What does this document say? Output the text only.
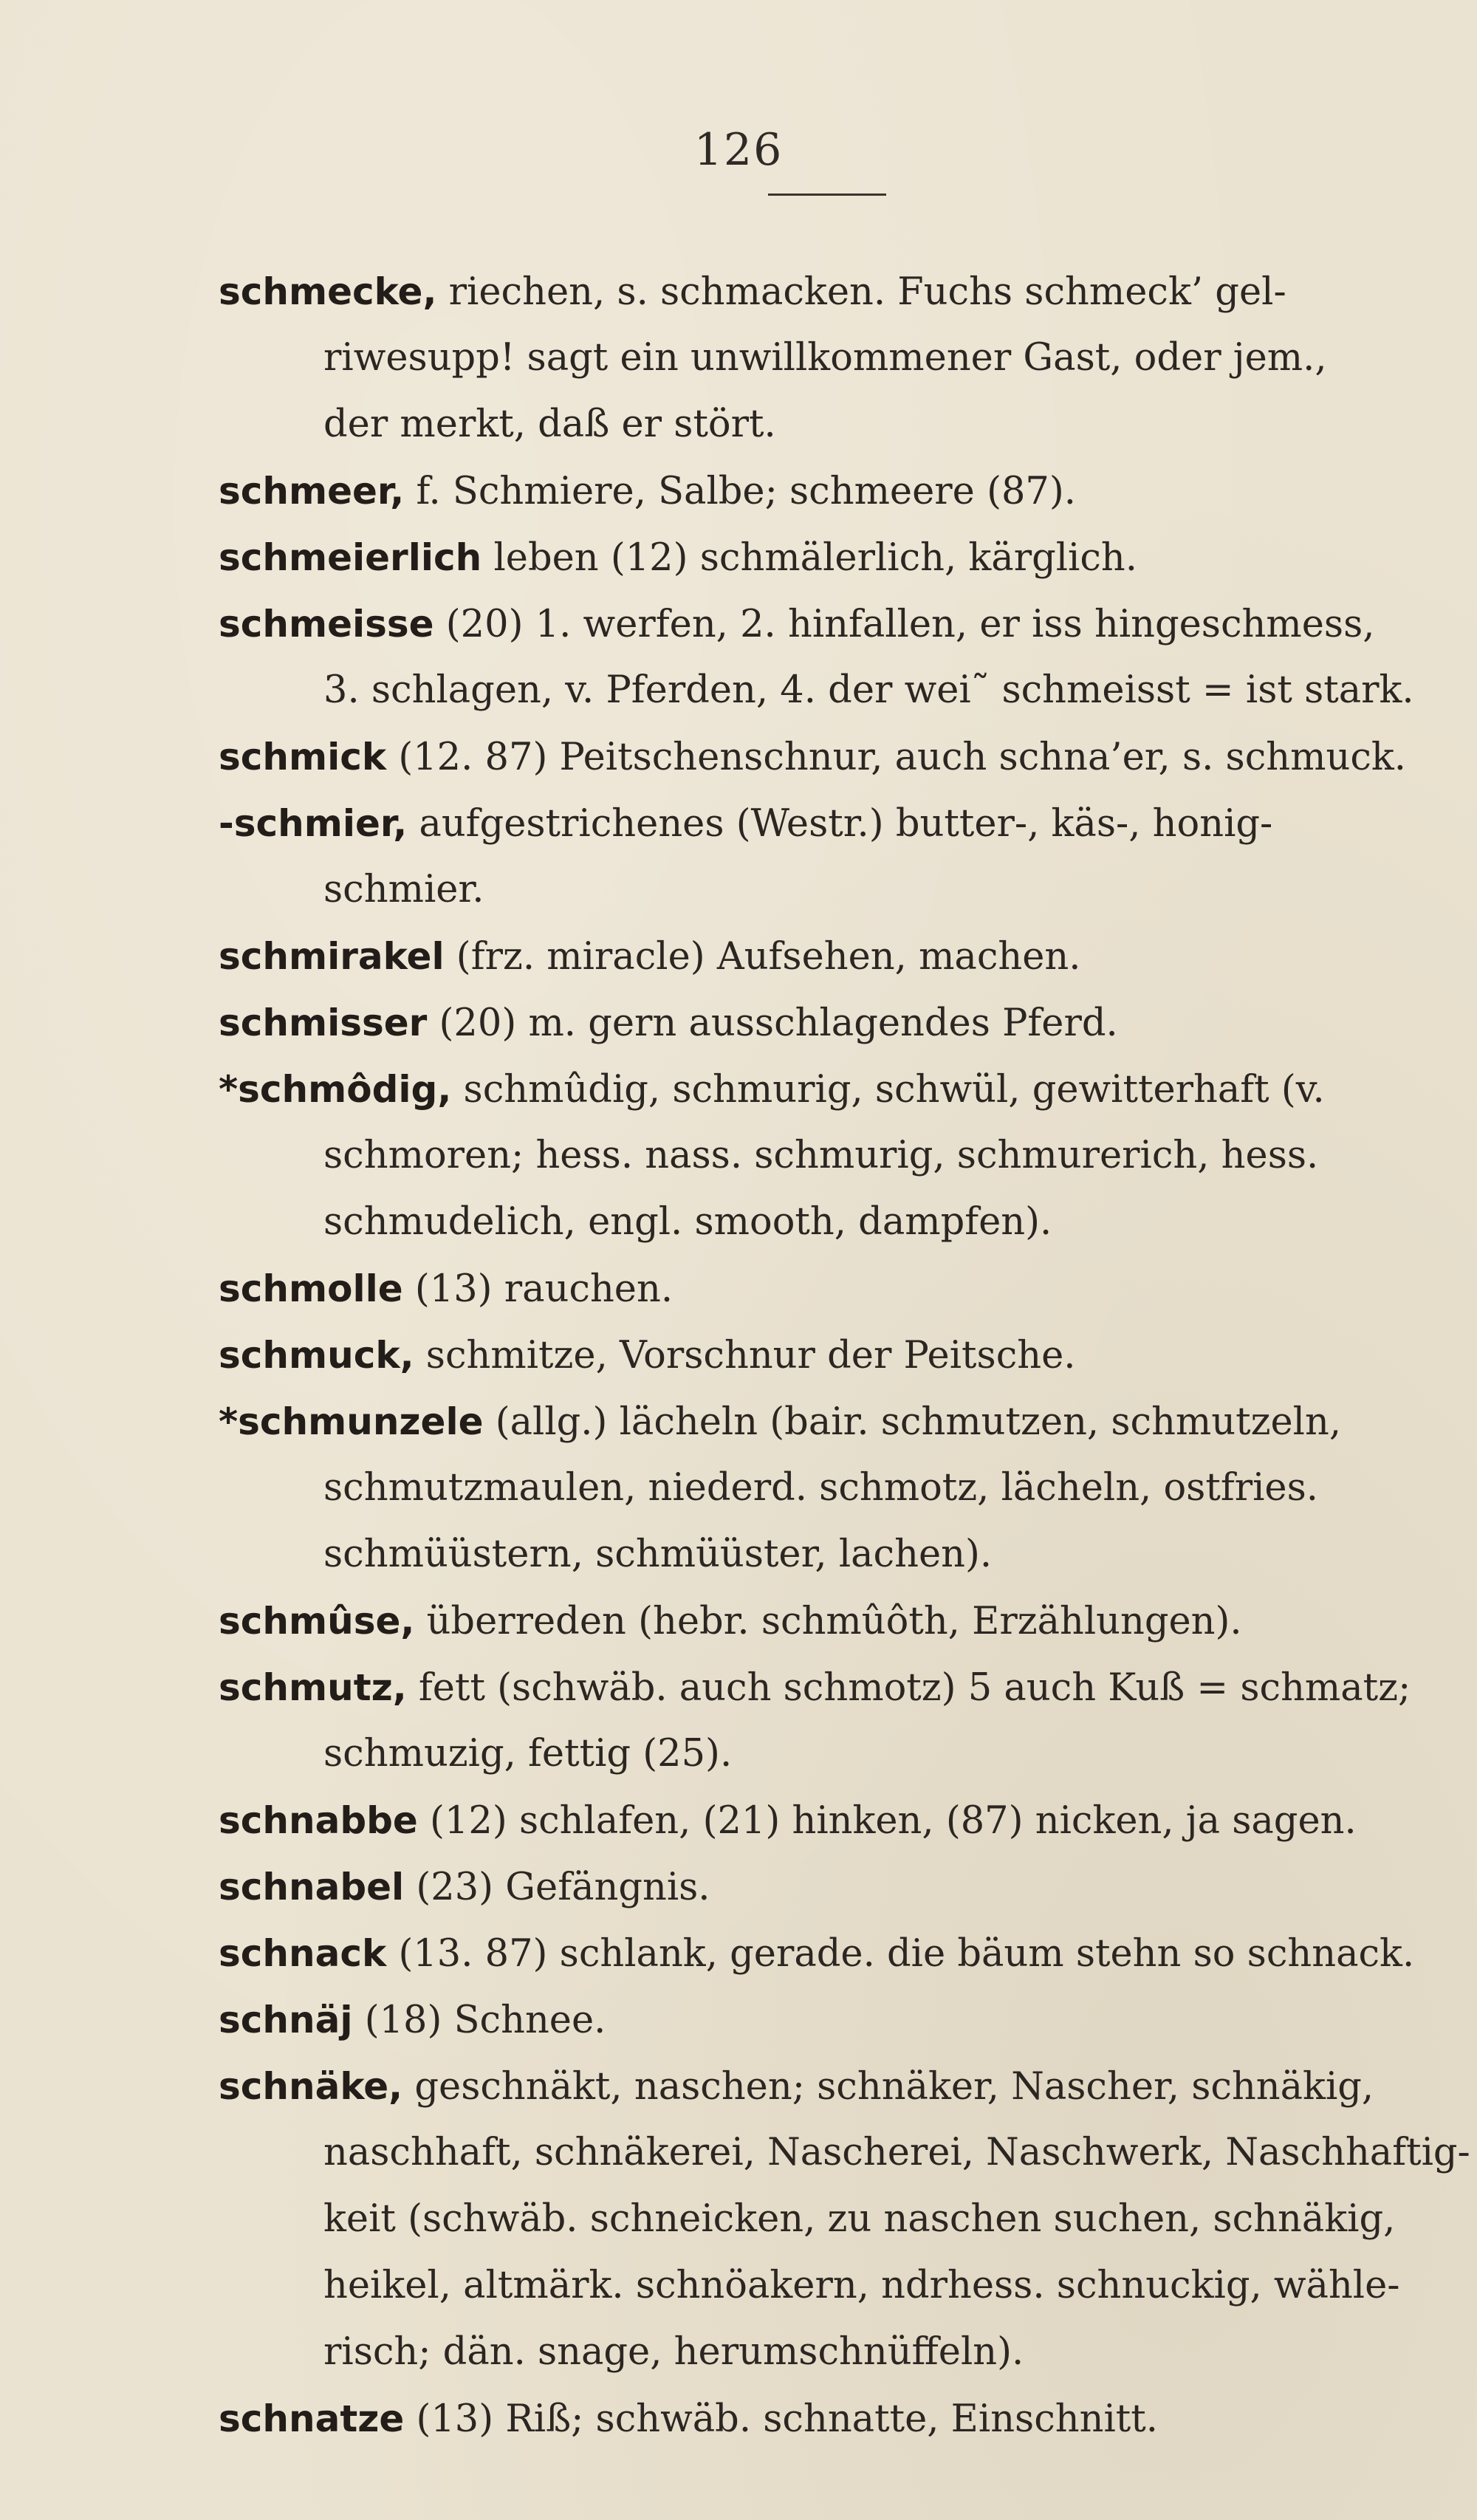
126
schmecke, riechen, s. schmacken. Fuchs schmeck’ gel-
riwesupp! sagt ein unwillkommener Gast, oder jem.,
der merkt, daß er stört.
schmeer, f. Schmiere, Salbe; schmeere (87).
schmeierlich leben (12) schmälerlich, kärglich.
schmeisse (20) 1. werfen, 2. hinfallen, er iss hingeschmess,
3. schlagen, v. Pferden, 4. der wei˜ schmeisst = ist stark.
schmick (12. 87) Peitschenschnur, auch schna’er, s. schmuck.
-schmier, aufgestrichenes (Westr.) butter-, käs-, honig-
schmier.
schmirakel (frz. miracle) Aufsehen, machen.
schmisser (20) m. gern ausschlagendes Pferd.
*schmôdig, schmûdig, schmurig, schwül, gewitterhaft (v.
schmoren; hess. nass. schmurig, schmurerich, hess.
schmudelich, engl. smooth, dampfen).
schmolle (13) rauchen.
schmuck, schmitze, Vorschnur der Peitsche.
*schmunzele (allg.) lächeln (bair. schmutzen, schmutzeln,
schmutzmaulen, niederd. schmotz, lächeln, ostfries.
schmüüstern, schmüüster, lachen).
schmûse, überreden (hebr. schmûôth, Erzählungen).
schmutz, fett (schwäb. auch schmotz) 5 auch Kuß = schmatz;
schmuzig, fettig (25).
schnabbe (12) schlafen, (21) hinken, (87) nicken, ja sagen.
schnabel (23) Gefängnis.
schnack (13. 87) schlank, gerade. die bäum stehn so schnack.
schnäj (18) Schnee.
schnäke, geschnäkt, naschen; schnäker, Nascher, schnäkig,
naschhaft, schnäkerei, Nascherei, Naschwerk, Naschhaftig-
keit (schwäb. schneicken, zu naschen suchen, schnäkig,
heikel, altmärk. schnöakern, ndrhess. schnuckig, wähle-
risch; dän. snage, herumschnüffeln).
schnatze (13) Riß; schwäb. schnatte, Einschnitt.
